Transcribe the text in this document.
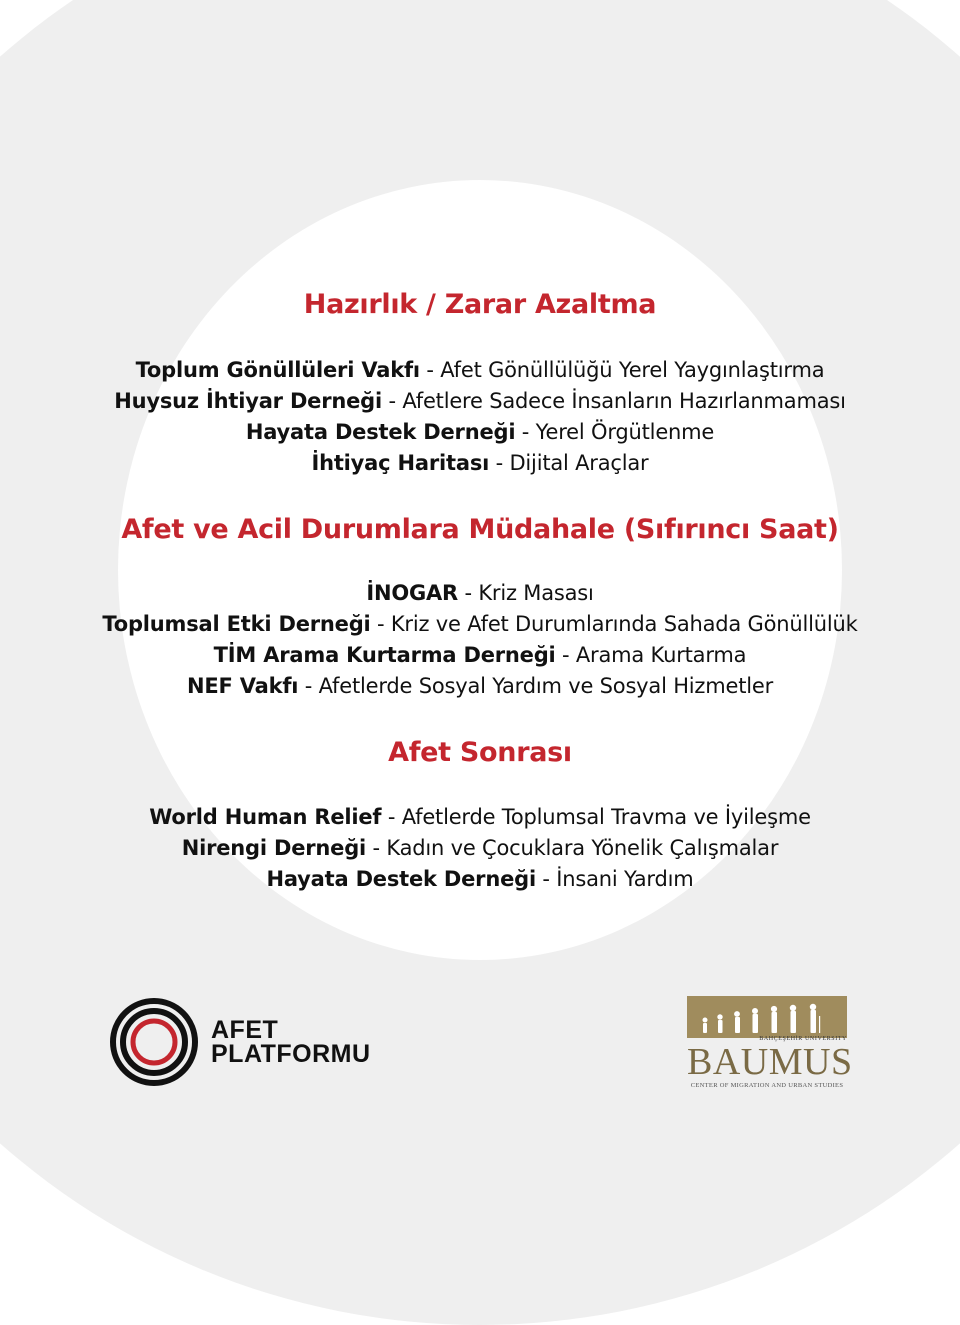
Hazırlık / Zarar Azaltma
Toplum Gönüllüleri Vakfı - Afet Gönüllülüğü Yerel Yaygınlaştırma
Huysuz İhtiyar Derneği - Afetlere Sadece İnsanların Hazırlanmaması
Hayata Destek Derneği - Yerel Örgütlenme
İhtiyaç Haritası - Dijital Araçlar
Afet ve Acil Durumlara Müdahale (Sıfırıncı Saat)
İNOGAR - Kriz Masası
Toplumsal Etki Derneği - Kriz ve Afet Durumlarında Sahada Gönüllülük
TİM Arama Kurtarma Derneği - Arama Kurtarma
NEF Vakfı - Afetlerde Sosyal Yardım ve Sosyal Hizmetler
Afet Sonrası
World Human Relief - Afetlerde Toplumsal Travma ve İyileşme
Nirengi Derneği - Kadın ve Çocuklara Yönelik Çalışmalar
Hayata Destek Derneği - İnsani Yardım
AFET
PLATFORMU
BAHÇEŞEHİR UNIVERSITY
BAUMUS
CENTER OF MIGRATION AND URBAN STUDIES
